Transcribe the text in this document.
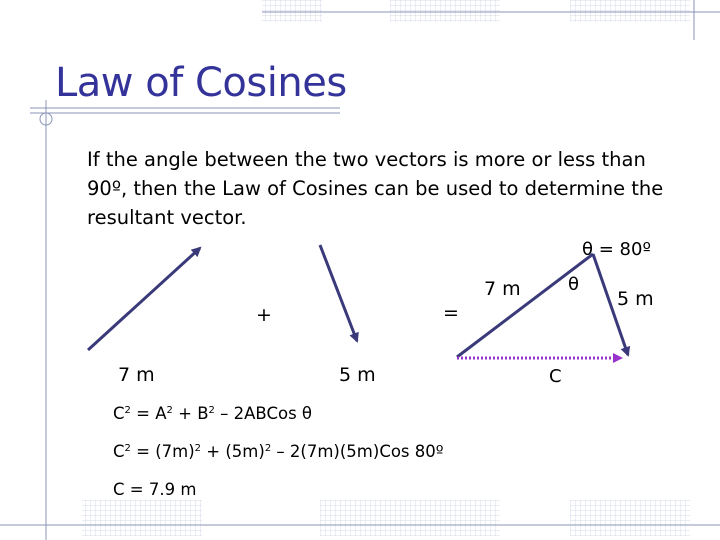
Law of Cosines
If the angle between the two vectors is more or less than 90º, then the Law of Cosines can be used to determine the resultant vector.
θ = 80º
θ
+	=
7 m	5 m
7 m	5 m
C
$C^2 = A^2 + B^2$ – 2ABCos θ
$C^2 = (7m)^2 + (5m)^2 - 2(7m)(5m)Cos$ 80º
C = 7.9 m
